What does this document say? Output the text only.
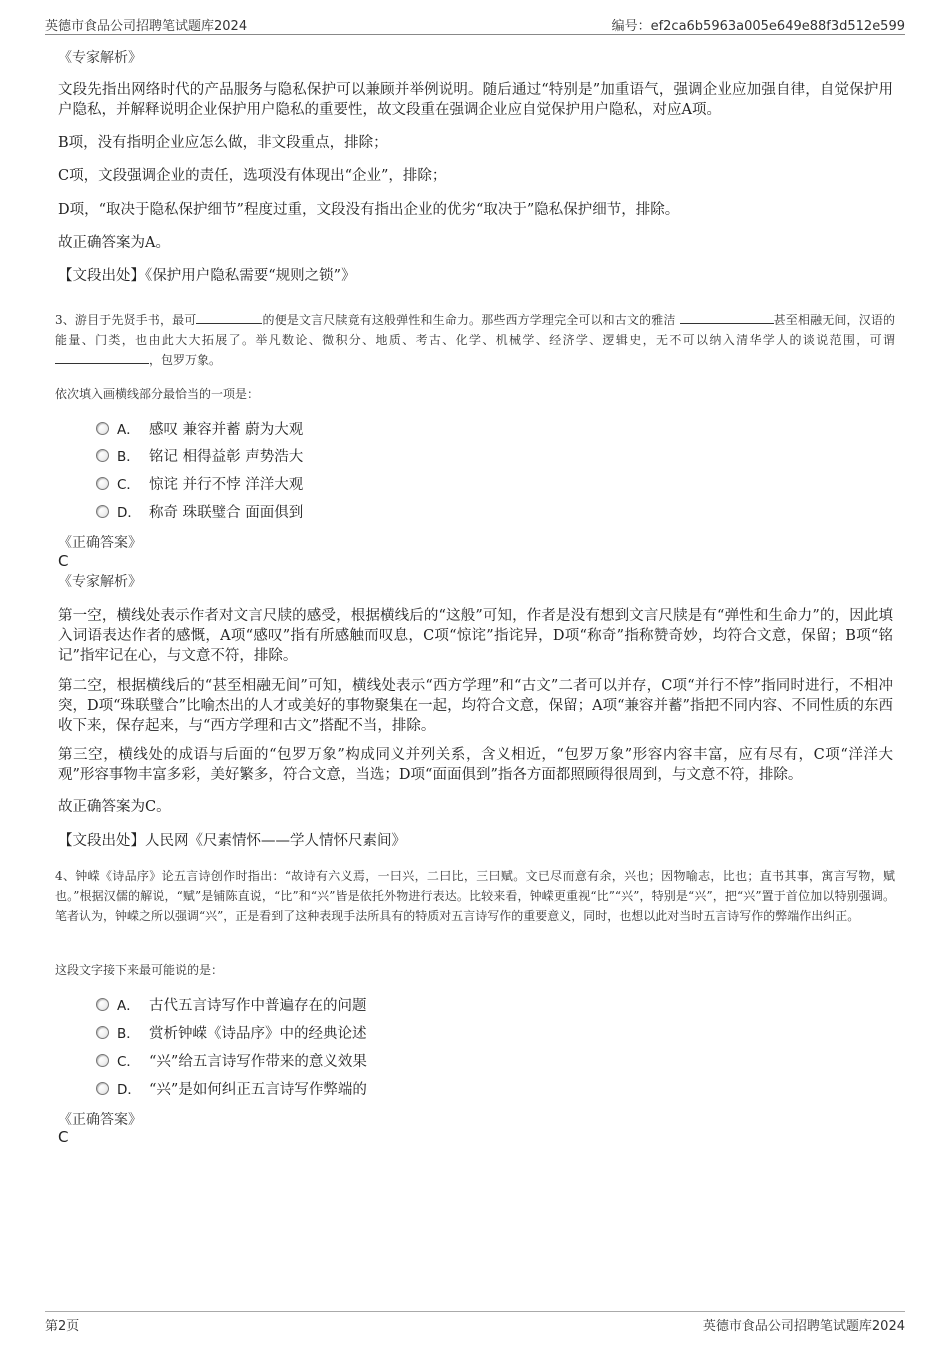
英德市食品公司招聘笔试题库2024	编号：ef2ca6b5963a005e649e88f3d512e599
《专家解析》
文段先指出网络时代的产品服务与隐私保护可以兼顾并举例说明。随后通过“特别是”加重语气，强调企业应加强自律，自觉保护用户隐私，并解释说明企业保护用户隐私的重要性，故文段重在强调企业应自觉保护用户隐私，对应A项。
B项，没有指明企业应怎么做，非文段重点，排除；
C项，文段强调企业的责任，选项没有体现出“企业”，排除；
D项，“取决于隐私保护细节”程度过重，文段没有指出企业的优劣“取决于”隐私保护细节，排除。
故正确答案为A。
【文段出处】《保护用户隐私需要“规则之锁”》
3、游目于先贤手书，最可	的便是文言尺牍竟有这般弹性和生命力。那些西方学理完全可以和古文的雅洁	甚至相融无间，汉语的能量、门类，也由此大大拓展了。举凡数论、微积分、地质、考古、化学、机械学、经济学、逻辑史，无不可以纳入清华学人的谈说范围，可谓 ，包罗万象。
依次填入画横线部分最恰当的一项是：
A． 感叹 兼容并蓄 蔚为大观
B． 铭记 相得益彰 声势浩大
C． 惊诧 并行不悖 洋洋大观
D． 称奇 珠联璧合 面面俱到
《正确答案》
C
《专家解析》
第一空，横线处表示作者对文言尺牍的感受，根据横线后的“这般”可知，作者是没有想到文言尺牍是有“弹性和生命力”的，因此填入词语表达作者的感慨，A项“感叹”指有所感触而叹息，C项“惊诧”指诧异，D项“称奇”指称赞奇妙，均符合文意，保留；B项“铭记”指牢记在心，与文意不符，排除。
第二空，根据横线后的“甚至相融无间”可知，横线处表示“西方学理”和“古文”二者可以并存，C项“并行不悖”指同时进行，不相冲突，D项“珠联璧合”比喻杰出的人才或美好的事物聚集在一起，均符合文意，保留；A项“兼容并蓄”指把不同内容、不同性质的东西收下来，保存起来，与“西方学理和古文”搭配不当，排除。
第三空，横线处的成语与后面的“包罗万象”构成同义并列关系，含义相近，“包罗万象”形容内容丰富，应有尽有，C项“洋洋大观”形容事物丰富多彩，美好繁多，符合文意，当选；D项“面面俱到”指各方面都照顾得很周到，与文意不符，排除。
故正确答案为C。
【文段出处】人民网《尺素情怀——学人情怀尺素间》
4、钟嵘《诗品序》论五言诗创作时指出：“故诗有六义焉，一曰兴，二曰比，三曰赋。文已尽而意有余，兴也；因物喻志，比也；直书其事，寓言写物，赋也。”根据汉儒的解说，“赋”是铺陈直说，“比”和“兴”皆是依托外物进行表达。比较来看，钟嵘更重视“比”“兴”，特别是“兴”，把“兴”置于首位加以特别强调。笔者认为，钟嵘之所以强调“兴”，正是看到了这种表现手法所具有的特质对五言诗写作的重要意义，同时，也想以此对当时五言诗写作的弊端作出纠正。
这段文字接下来最可能说的是：
A． 古代五言诗写作中普遍存在的问题
B． 赏析钟嵘《诗品序》中的经典论述
C． “兴”给五言诗写作带来的意义效果
D． “兴”是如何纠正五言诗写作弊端的
《正确答案》
C
第2页	英德市食品公司招聘笔试题库2024
